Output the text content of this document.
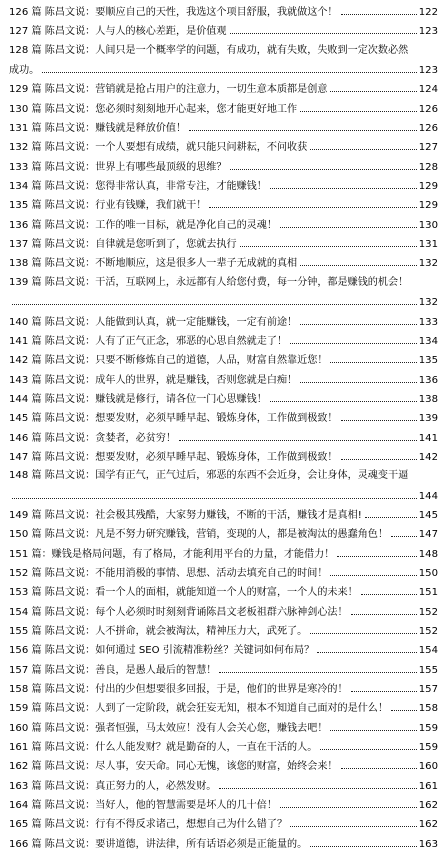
126 篇 陈昌文说：要顺应自己的天性，我选这个项目舒服，我就做这个！	122
127 篇 陈昌文说：人与人的核心差距，是价值观	123
128 篇 陈昌文说：人间只是一个概率学的问题，有成功，就有失败，失败到一定次数必然
成功。	123
129 篇 陈昌文说：营销就是抢占用户的注意力，一切生意本质都是创意	124
130 篇 陈昌文说：您必须时刻刻地开心起来，您才能更好地工作	126
131 篇 陈昌文说：赚钱就是释放价值！	126
132 篇 陈昌文说：一个人要想有成绩，就只能只问耕耘，不问收获	127
133 篇 陈昌文说：世界上有哪些最顶级的思维？	128
134 篇 陈昌文说：您得非常认真，非常专注，才能赚钱！	129
135 篇 陈昌文说：行业有钱赚，我们就干！	129
136 篇 陈昌文说：工作的唯一目标，就是净化自己的灵魂！	130
137 篇 陈昌文说：自律就是您听到了，您就去执行	131
138 篇 陈昌文说：不断地顺应，这是很多人一辈子无成就的真相	132
139 篇 陈昌文说：干活，互联网上，永远都有人给您付费，每一分钟，都是赚钱的机会！
132
140 篇 陈昌文说：人能做到认真，就一定能赚钱，一定有前途！	133
141 篇 陈昌文说：人有了正气正念，邪恶的心思自然就走了！	134
142 篇 陈昌文说：只要不断修炼自己的道德，人品，财富自然靠近您！	135
143 篇 陈昌文说：成年人的世界，就是赚钱，否则您就是白痴！	136
144 篇 陈昌文说：赚钱就是修行，请各位一门心思赚钱！	138
145 篇 陈昌文说：想要发财，必须早睡早起、锻炼身体，工作做到极致！	139
146 篇 陈昌文说：贪婪者，必贫穷！	141
147 篇 陈昌文说：想要发财，必须早睡早起、锻炼身体，工作做到极致！	142
148 篇 陈昌文说：国学有正气，正气过后，邪恶的东西不会近身，会让身体，灵魂变干逼
144
149 篇 陈昌文说：社会极其残酷，大家努力赚钱，不断的干活，赚钱才是真相!	145
150 篇 陈昌文说：凡是不努力研究赚钱，营销，变现的人，都是被淘汰的愚蠢角色！	147
151 篇：赚钱是格局问题，有了格局，才能利用平台的力量，才能借力！	148
152 篇 陈昌文说：不能用消极的事情、思想、活动去填充自己的时间！	150
153 篇 陈昌文说：看一个人的面相，就能知道一个人的财富，一个人的未来！	151
154 篇 陈昌文说：每个人必须时时刻刻背诵陈昌文老板祖群六脉神剑心法！	152
155 篇 陈昌文说：人不拼命，就会被淘汰，精神压力大，武死了。	152
156 篇 陈昌文说：如何通过 SEO 引流精准粉丝？关键词如何布局？	154
157 篇 陈昌文说：善良，是愚人最后的智慧！	155
158 篇 陈昌文说：付出的少但想要很多回报，于是，他们的世界是寒冷的！	157
159 篇 陈昌文说：人到了一定阶段，就会狂妄无知，根本不知道自己面对的是什么！	158
160 篇 陈昌文说：强者恒强，马太效应！没有人会关心您，赚钱去吧！	159
161 篇 陈昌文说：什么人能发财？就是勤奋的人，一直在干活的人。	159
162 篇 陈昌文说：尽人事，安天命。同心无愧，该您的财富，始终会来！	160
163 篇 陈昌文说：真正努力的人，必然发财。	161
164 篇 陈昌文说：当好人，他的智慧需要是坏人的几十倍！	162
165 篇 陈昌文说：行有不得反求诸己，想想自己为什么错了？	162
166 篇 陈昌文说：要讲道德，讲法律，所有话语必须是正能量的。	163
